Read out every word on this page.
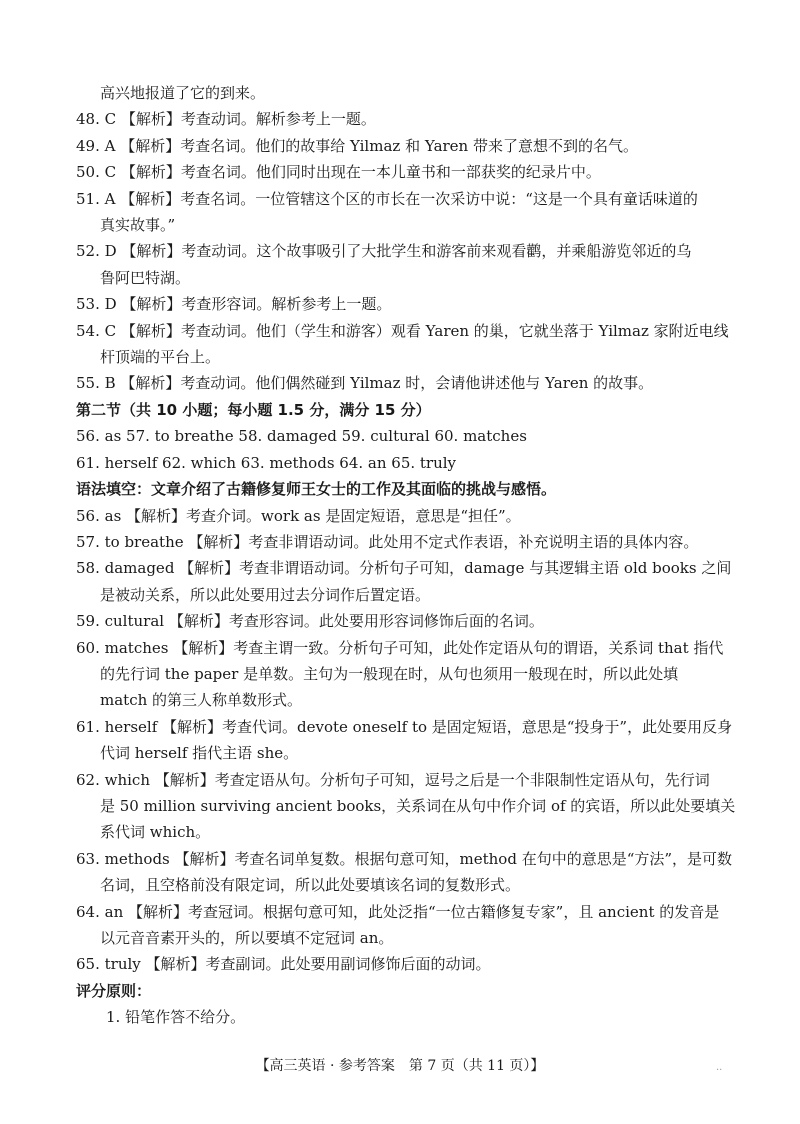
高兴地报道了它的到来。
48. C 【解析】考查动词。解析参考上一题。
49. A 【解析】考查名词。他们的故事给 Yilmaz 和 Yaren 带来了意想不到的名气。
50. C 【解析】考查名词。他们同时出现在一本儿童书和一部获奖的纪录片中。
51. A 【解析】考查名词。一位管辖这个区的市长在一次采访中说：“这是一个具有童话味道的
真实故事。”
52. D 【解析】考查动词。这个故事吸引了大批学生和游客前来观看鹳，并乘船游览邻近的乌
鲁阿巴特湖。
53. D 【解析】考查形容词。解析参考上一题。
54. C 【解析】考查动词。他们（学生和游客）观看 Yaren 的巢，它就坐落于 Yilmaz 家附近电线
杆顶端的平台上。
55. B 【解析】考查动词。他们偶然碰到 Yilmaz 时，会请他讲述他与 Yaren 的故事。
第二节（共 10 小题；每小题 1.5 分，满分 15 分）
56. as 57. to breathe 58. damaged 59. cultural 60. matches
61. herself 62. which 63. methods 64. an 65. truly
语法填空：文章介绍了古籍修复师王女士的工作及其面临的挑战与感悟。
56. as 【解析】考查介词。work as 是固定短语，意思是“担任”。
57. to breathe 【解析】考查非谓语动词。此处用不定式作表语，补充说明主语的具体内容。
58. damaged 【解析】考查非谓语动词。分析句子可知，damage 与其逻辑主语 old books 之间
是被动关系，所以此处要用过去分词作后置定语。
59. cultural 【解析】考查形容词。此处要用形容词修饰后面的名词。
60. matches 【解析】考查主谓一致。分析句子可知，此处作定语从句的谓语，关系词 that 指代
的先行词 the paper 是单数。主句为一般现在时，从句也须用一般现在时，所以此处填
match 的第三人称单数形式。
61. herself 【解析】考查代词。devote oneself to 是固定短语，意思是“投身于”，此处要用反身
代词 herself 指代主语 she。
62. which 【解析】考查定语从句。分析句子可知，逗号之后是一个非限制性定语从句，先行词
是 50 million surviving ancient books，关系词在从句中作介词 of 的宾语，所以此处要填关
系代词 which。
63. methods 【解析】考查名词单复数。根据句意可知，method 在句中的意思是“方法”，是可数
名词，且空格前没有限定词，所以此处要填该名词的复数形式。
64. an 【解析】考查冠词。根据句意可知，此处泛指“一位古籍修复专家”，且 ancient 的发音是
以元音音素开头的，所以要填不定冠词 an。
65. truly 【解析】考查副词。此处要用副词修饰后面的动词。
评分原则：
1. 铅笔作答不给分。
【高三英语 · 参考答案　第 7 页（共 11 页）】	..
